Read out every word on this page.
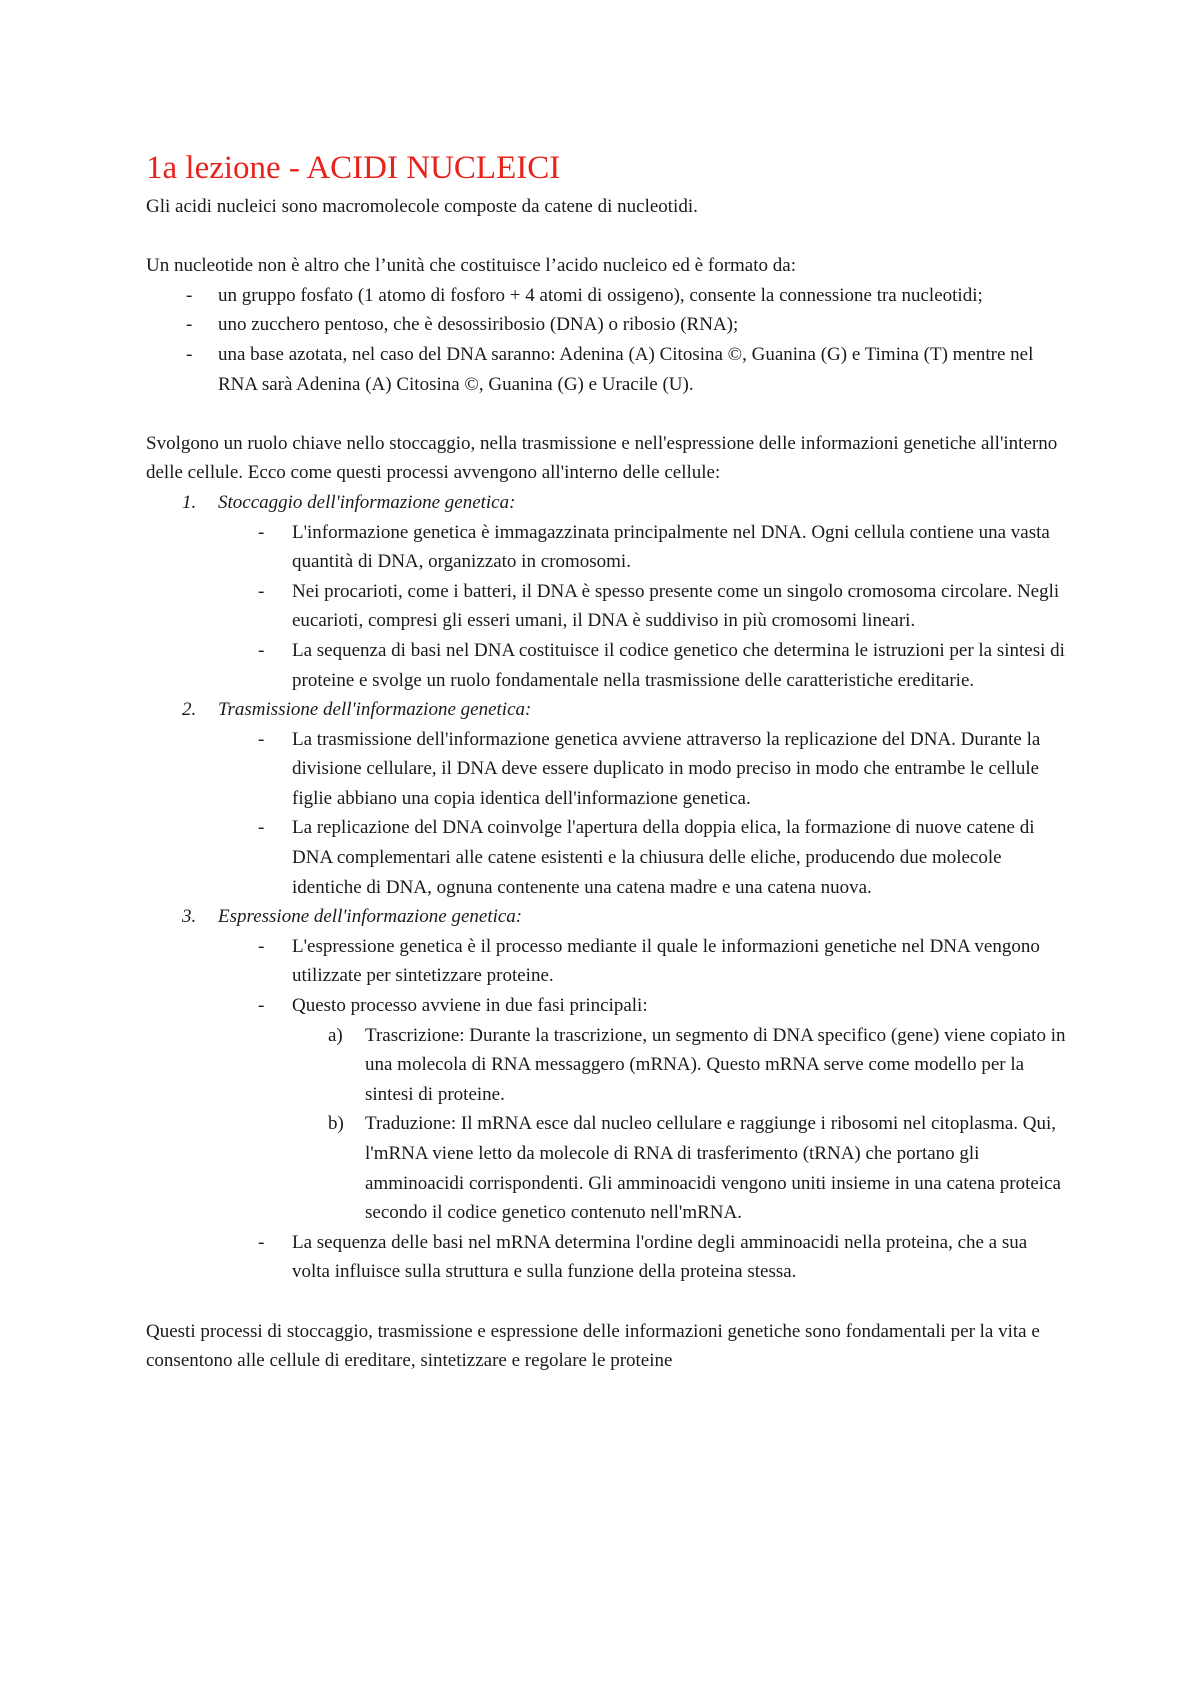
1a lezione - ACIDI NUCLEICI

Gli acidi nucleici sono macromolecole composte da catene di nucleotidi.

Un nucleotide non è altro che l’unità che costituisce l’acido nucleico ed è formato da:

- un gruppo fosfato (1 atomo di fosforo + 4 atomi di ossigeno), consente la connessione tra nucleotidi;
- uno zucchero pentoso, che è desossiribosio (DNA) o ribosio (RNA);
- una base azotata, nel caso del DNA saranno: Adenina (A) Citosina ©, Guanina (G) e Timina (T) mentre nel RNA sarà Adenina (A) Citosina ©, Guanina (G) e Uracile (U).

Svolgono un ruolo chiave nello stoccaggio, nella trasmissione e nell'espressione delle informazioni genetiche all'interno delle cellule. Ecco come questi processi avvengono all'interno delle cellule:

1. Stoccaggio dell'informazione genetica:
- L'informazione genetica è immagazzinata principalmente nel DNA. Ogni cellula contiene una vasta quantità di DNA, organizzato in cromosomi.
- Nei procarioti, come i batteri, il DNA è spesso presente come un singolo cromosoma circolare. Negli eucarioti, compresi gli esseri umani, il DNA è suddiviso in più cromosomi lineari.
- La sequenza di basi nel DNA costituisce il codice genetico che determina le istruzioni per la sintesi di proteine e svolge un ruolo fondamentale nella trasmissione delle caratteristiche ereditarie.
2. Trasmissione dell'informazione genetica:
- La trasmissione dell'informazione genetica avviene attraverso la replicazione del DNA. Durante la divisione cellulare, il DNA deve essere duplicato in modo preciso in modo che entrambe le cellule figlie abbiano una copia identica dell'informazione genetica.
- La replicazione del DNA coinvolge l'apertura della doppia elica, la formazione di nuove catene di DNA complementari alle catene esistenti e la chiusura delle eliche, producendo due molecole identiche di DNA, ognuna contenente una catena madre e una catena nuova.
3. Espressione dell'informazione genetica:
- L'espressione genetica è il processo mediante il quale le informazioni genetiche nel DNA vengono utilizzate per sintetizzare proteine.
- Questo processo avviene in due fasi principali:
a) Trascrizione: Durante la trascrizione, un segmento di DNA specifico (gene) viene copiato in una molecola di RNA messaggero (mRNA). Questo mRNA serve come modello per la sintesi di proteine.
b) Traduzione: Il mRNA esce dal nucleo cellulare e raggiunge i ribosomi nel citoplasma. Qui, l'mRNA viene letto da molecole di RNA di trasferimento (tRNA) che portano gli amminoacidi corrispondenti. Gli amminoacidi vengono uniti insieme in una catena proteica secondo il codice genetico contenuto nell'mRNA.
- La sequenza delle basi nel mRNA determina l'ordine degli amminoacidi nella proteina, che a sua volta influisce sulla struttura e sulla funzione della proteina stessa.

Questi processi di stoccaggio, trasmissione e espressione delle informazioni genetiche sono fondamentali per la vita e consentono alle cellule di ereditare, sintetizzare e regolare le proteine
